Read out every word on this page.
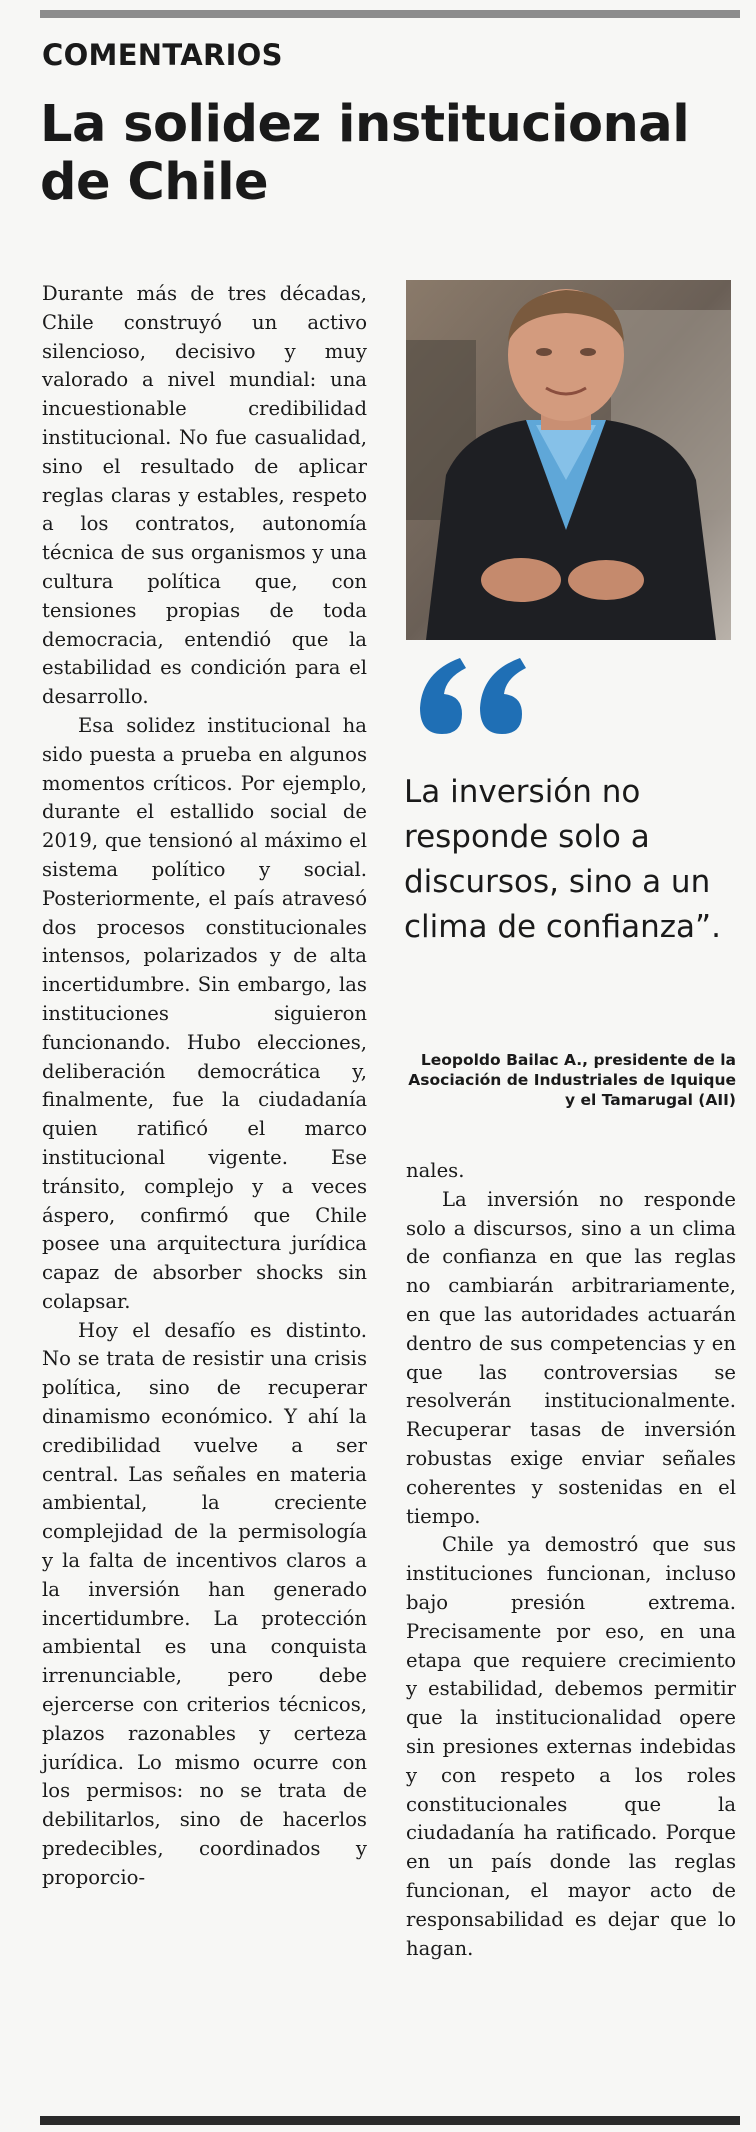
COMENTARIOS
La solidez institucional de Chile

Durante más de tres décadas, Chile construyó un activo silencioso, decisivo y muy valorado a nivel mundial: una incuestionable credibilidad institucional. No fue casualidad, sino el resultado de aplicar reglas claras y estables, respeto a los contratos, autonomía técnica de sus organismos y una cultura política que, con tensiones propias de toda democracia, entendió que la estabilidad es condición para el desarrollo.

Esa solidez institucional ha sido puesta a prueba en algunos momentos críticos. Por ejemplo, durante el estallido social de 2019, que tensionó al máximo el sistema político y social. Posteriormente, el país atravesó dos procesos constitucionales intensos, polarizados y de alta incertidumbre. Sin embargo, las instituciones siguieron funcionando. Hubo elecciones, deliberación democrática y, finalmente, fue la ciudadanía quien ratificó el marco institucional vigente. Ese tránsito, complejo y a veces áspero, confirmó que Chile posee una arquitectura jurídica capaz de absorber shocks sin colapsar.

Hoy el desafío es distinto. No se trata de resistir una crisis política, sino de recuperar dinamismo económico. Y ahí la credibilidad vuelve a ser central. Las señales en materia ambiental, la creciente complejidad de la permisología y la falta de incentivos claros a la inversión han generado incertidumbre. La protección ambiental es una conquista irrenunciable, pero debe ejercerse con criterios técnicos, plazos razonables y certeza jurídica. Lo mismo ocurre con los permisos: no se trata de debilitarlos, sino de hacerlos predecibles, coordinados y proporcio-

La inversión no responde solo a discursos, sino a un clima de confianza”.
Leopoldo Bailac A., presidente de la Asociación de Industriales de Iquique y el Tamarugal (AII)

nales.

La inversión no responde solo a discursos, sino a un clima de confianza en que las reglas no cambiarán arbitrariamente, en que las autoridades actuarán dentro de sus competencias y en que las controversias se resolverán institucionalmente. Recuperar tasas de inversión robustas exige enviar señales coherentes y sostenidas en el tiempo.

Chile ya demostró que sus instituciones funcionan, incluso bajo presión extrema. Precisamente por eso, en una etapa que requiere crecimiento y estabilidad, debemos permitir que la institucionalidad opere sin presiones externas indebidas y con respeto a los roles constitucionales que la ciudadanía ha ratificado. Porque en un país donde las reglas funcionan, el mayor acto de responsabilidad es dejar que lo hagan.
